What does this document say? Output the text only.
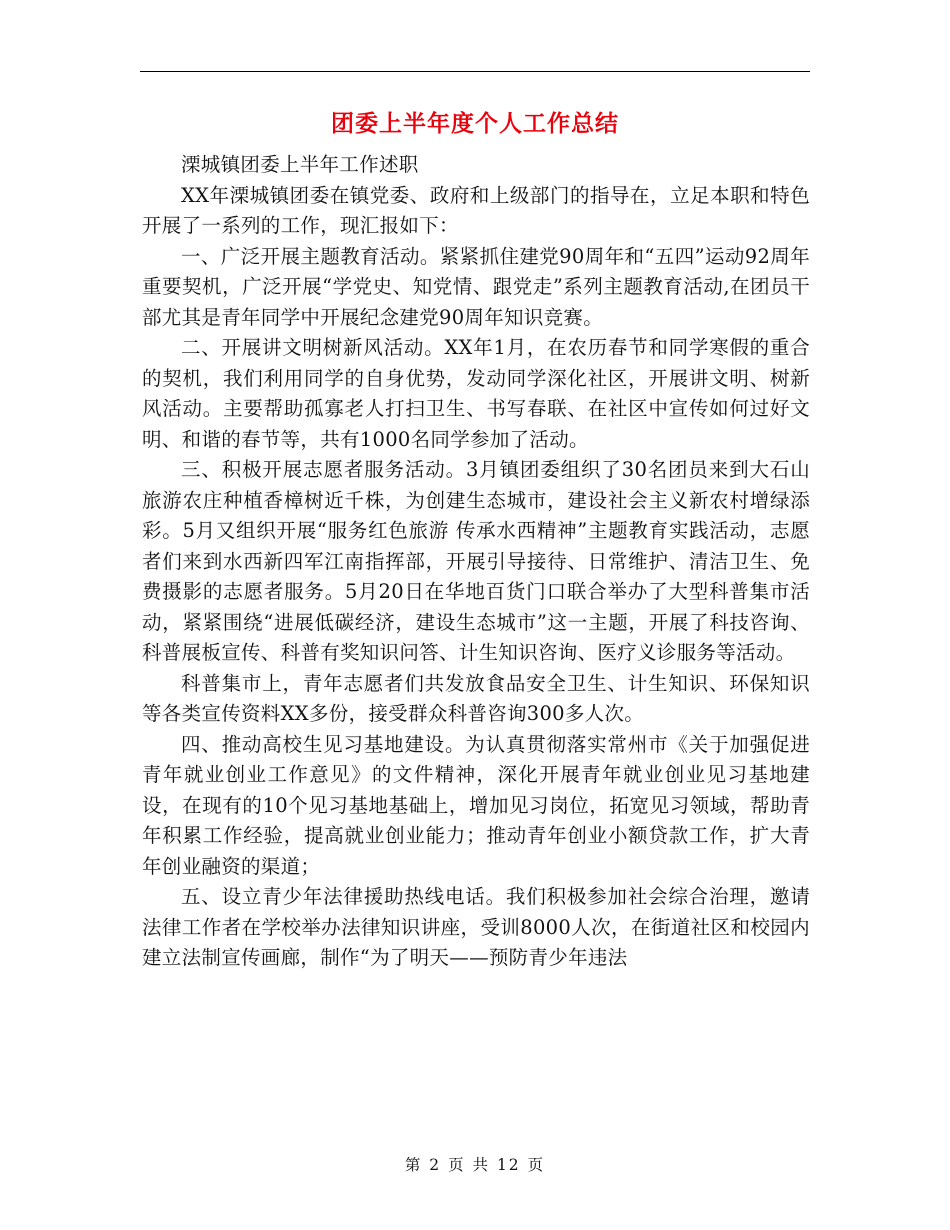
团委上半年度个人工作总结

溧城镇团委上半年工作述职

XX年溧城镇团委在镇党委、政府和上级部门的指导在，立足本职和特色开展了一系列的工作，现汇报如下：

一、广泛开展主题教育活动。紧紧抓住建党90周年和“五四”运动92周年重要契机，广泛开展“学党史、知党情、跟党走”系列主题教育活动,在团员干部尤其是青年同学中开展纪念建党90周年知识竞赛。

二、开展讲文明树新风活动。XX年1月，在农历春节和同学寒假的重合的契机，我们利用同学的自身优势，发动同学深化社区，开展讲文明、树新风活动。主要帮助孤寡老人打扫卫生、书写春联、在社区中宣传如何过好文明、和谐的春节等，共有1000名同学参加了活动。

三、积极开展志愿者服务活动。3月镇团委组织了30名团员来到大石山旅游农庄种植香樟树近千株，为创建生态城市，建设社会主义新农村增绿添彩。5月又组织开展“服务红色旅游 传承水西精神”主题教育实践活动，志愿者们来到水西新四军江南指挥部，开展引导接待、日常维护、清洁卫生、免费摄影的志愿者服务。5月20日在华地百货门口联合举办了大型科普集市活动，紧紧围绕“进展低碳经济，建设生态城市”这一主题，开展了科技咨询、科普展板宣传、科普有奖知识问答、计生知识咨询、医疗义诊服务等活动。

科普集市上，青年志愿者们共发放食品安全卫生、计生知识、环保知识等各类宣传资料XX多份，接受群众科普咨询300多人次。

四、推动高校生见习基地建设。为认真贯彻落实常州市《关于加强促进青年就业创业工作意见》的文件精神，深化开展青年就业创业见习基地建设，在现有的10个见习基地基础上，增加见习岗位，拓宽见习领域，帮助青年积累工作经验，提高就业创业能力；推动青年创业小额贷款工作，扩大青年创业融资的渠道；

五、设立青少年法律援助热线电话。我们积极参加社会综合治理，邀请法律工作者在学校举办法律知识讲座，受训8000人次，在街道社区和校园内建立法制宣传画廊，制作“为了明天——预防青少年违法

第 2 页 共 12 页
